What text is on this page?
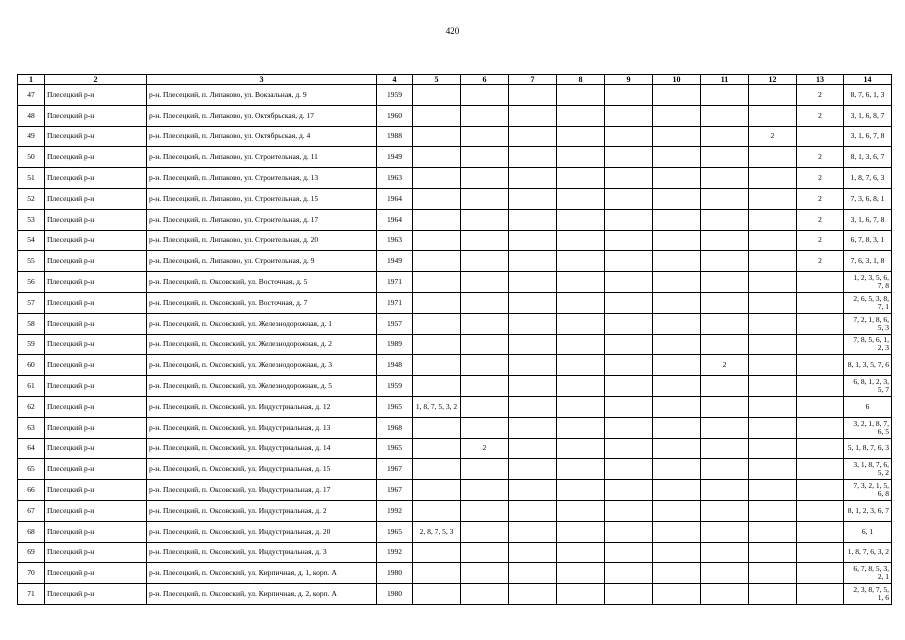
420
1	2	3	4	5	6	7	8	9	10	11	12	13	14
47	Плесецкий р-н	р-н. Плесецкий, п. Липаково, ул. Вокзальная, д. 9	1959									2	8, 7, 6, 1, 3
48	Плесецкий р-н	р-н. Плесецкий, п. Липаково, ул. Октябрьская, д. 17	1960									2	3, 1, 6, 8, 7
49	Плесецкий р-н	р-н. Плесецкий, п. Липаково, ул. Октябрьская, д. 4	1988								2		3, 1, 6, 7, 8
50	Плесецкий р-н	р-н. Плесецкий, п. Липаково, ул. Строительная, д. 11	1949									2	8, 1, 3, 6, 7
51	Плесецкий р-н	р-н. Плесецкий, п. Липаково, ул. Строительная, д. 13	1963									2	1, 8, 7, 6, 3
52	Плесецкий р-н	р-н. Плесецкий, п. Липаково, ул. Строительная, д. 15	1964									2	7, 3, 6, 8, 1
53	Плесецкий р-н	р-н. Плесецкий, п. Липаково, ул. Строительная, д. 17	1964									2	3, 1, 6, 7, 8
54	Плесецкий р-н	р-н. Плесецкий, п. Липаково, ул. Строительная, д. 20	1963									2	6, 7, 8, 3, 1
55	Плесецкий р-н	р-н. Плесецкий, п. Липаково, ул. Строительная, д. 9	1949									2	7, 6, 3, 1, 8
56	Плесецкий р-н	р-н. Плесецкий, п. Оксовский, ул. Восточная, д. 5	1971										1, 2, 3, 5, 6, 7, 8
57	Плесецкий р-н	р-н. Плесецкий, п. Оксовский, ул. Восточная, д. 7	1971										2, 6, 5, 3, 8, 7, 1
58	Плесецкий р-н	р-н. Плесецкий, п. Оксовский, ул. Железнодорожная, д. 1	1957										7, 2, 1, 8, 6, 5, 3
59	Плесецкий р-н	р-н. Плесецкий, п. Оксовский, ул. Железнодорожная, д. 2	1989										7, 8, 5, 6, 1, 2, 3
60	Плесецкий р-н	р-н. Плесецкий, п. Оксовский, ул. Железнодорожная, д. 3	1948							2			8, 1, 3, 5, 7, 6
61	Плесецкий р-н	р-н. Плесецкий, п. Оксовский, ул. Железнодорожная, д. 5	1959										6, 8, 1, 2, 3, 5, 7
62	Плесецкий р-н	р-н. Плесецкий, п. Оксовский, ул. Индустриальная, д. 12	1965	1, 8, 7, 5, 3, 2									6
63	Плесецкий р-н	р-н. Плесецкий, п. Оксовский, ул. Индустриальная, д. 13	1968										3, 2, 1, 8, 7, 6, 5
64	Плесецкий р-н	р-н. Плесецкий, п. Оксовский, ул. Индустриальная, д. 14	1965		2								5, 1, 8, 7, 6, 3
65	Плесецкий р-н	р-н. Плесецкий, п. Оксовский, ул. Индустриальная, д. 15	1967										3, 1, 8, 7, 6, 5, 2
66	Плесецкий р-н	р-н. Плесецкий, п. Оксовский, ул. Индустриальная, д. 17	1967										7, 3, 2, 1, 5, 6, 8
67	Плесецкий р-н	р-н. Плесецкий, п. Оксовский, ул. Индустриальная, д. 2	1992										8, 1, 2, 3, 6, 7
68	Плесецкий р-н	р-н. Плесецкий, п. Оксовский, ул. Индустриальная, д. 20	1965	2, 8, 7, 5, 3									6, 1
69	Плесецкий р-н	р-н. Плесецкий, п. Оксовский, ул. Индустриальная, д. 3	1992										1, 8, 7, 6, 3, 2
70	Плесецкий р-н	р-н. Плесецкий, п. Оксовский, ул. Кирпичная, д. 1, корп. А	1980										6, 7, 8, 5, 3, 2, 1
71	Плесецкий р-н	р-н. Плесецкий, п. Оксовский, ул. Кирпичная, д. 2, корп. А	1980										2, 3, 8, 7, 5, 1, 6
